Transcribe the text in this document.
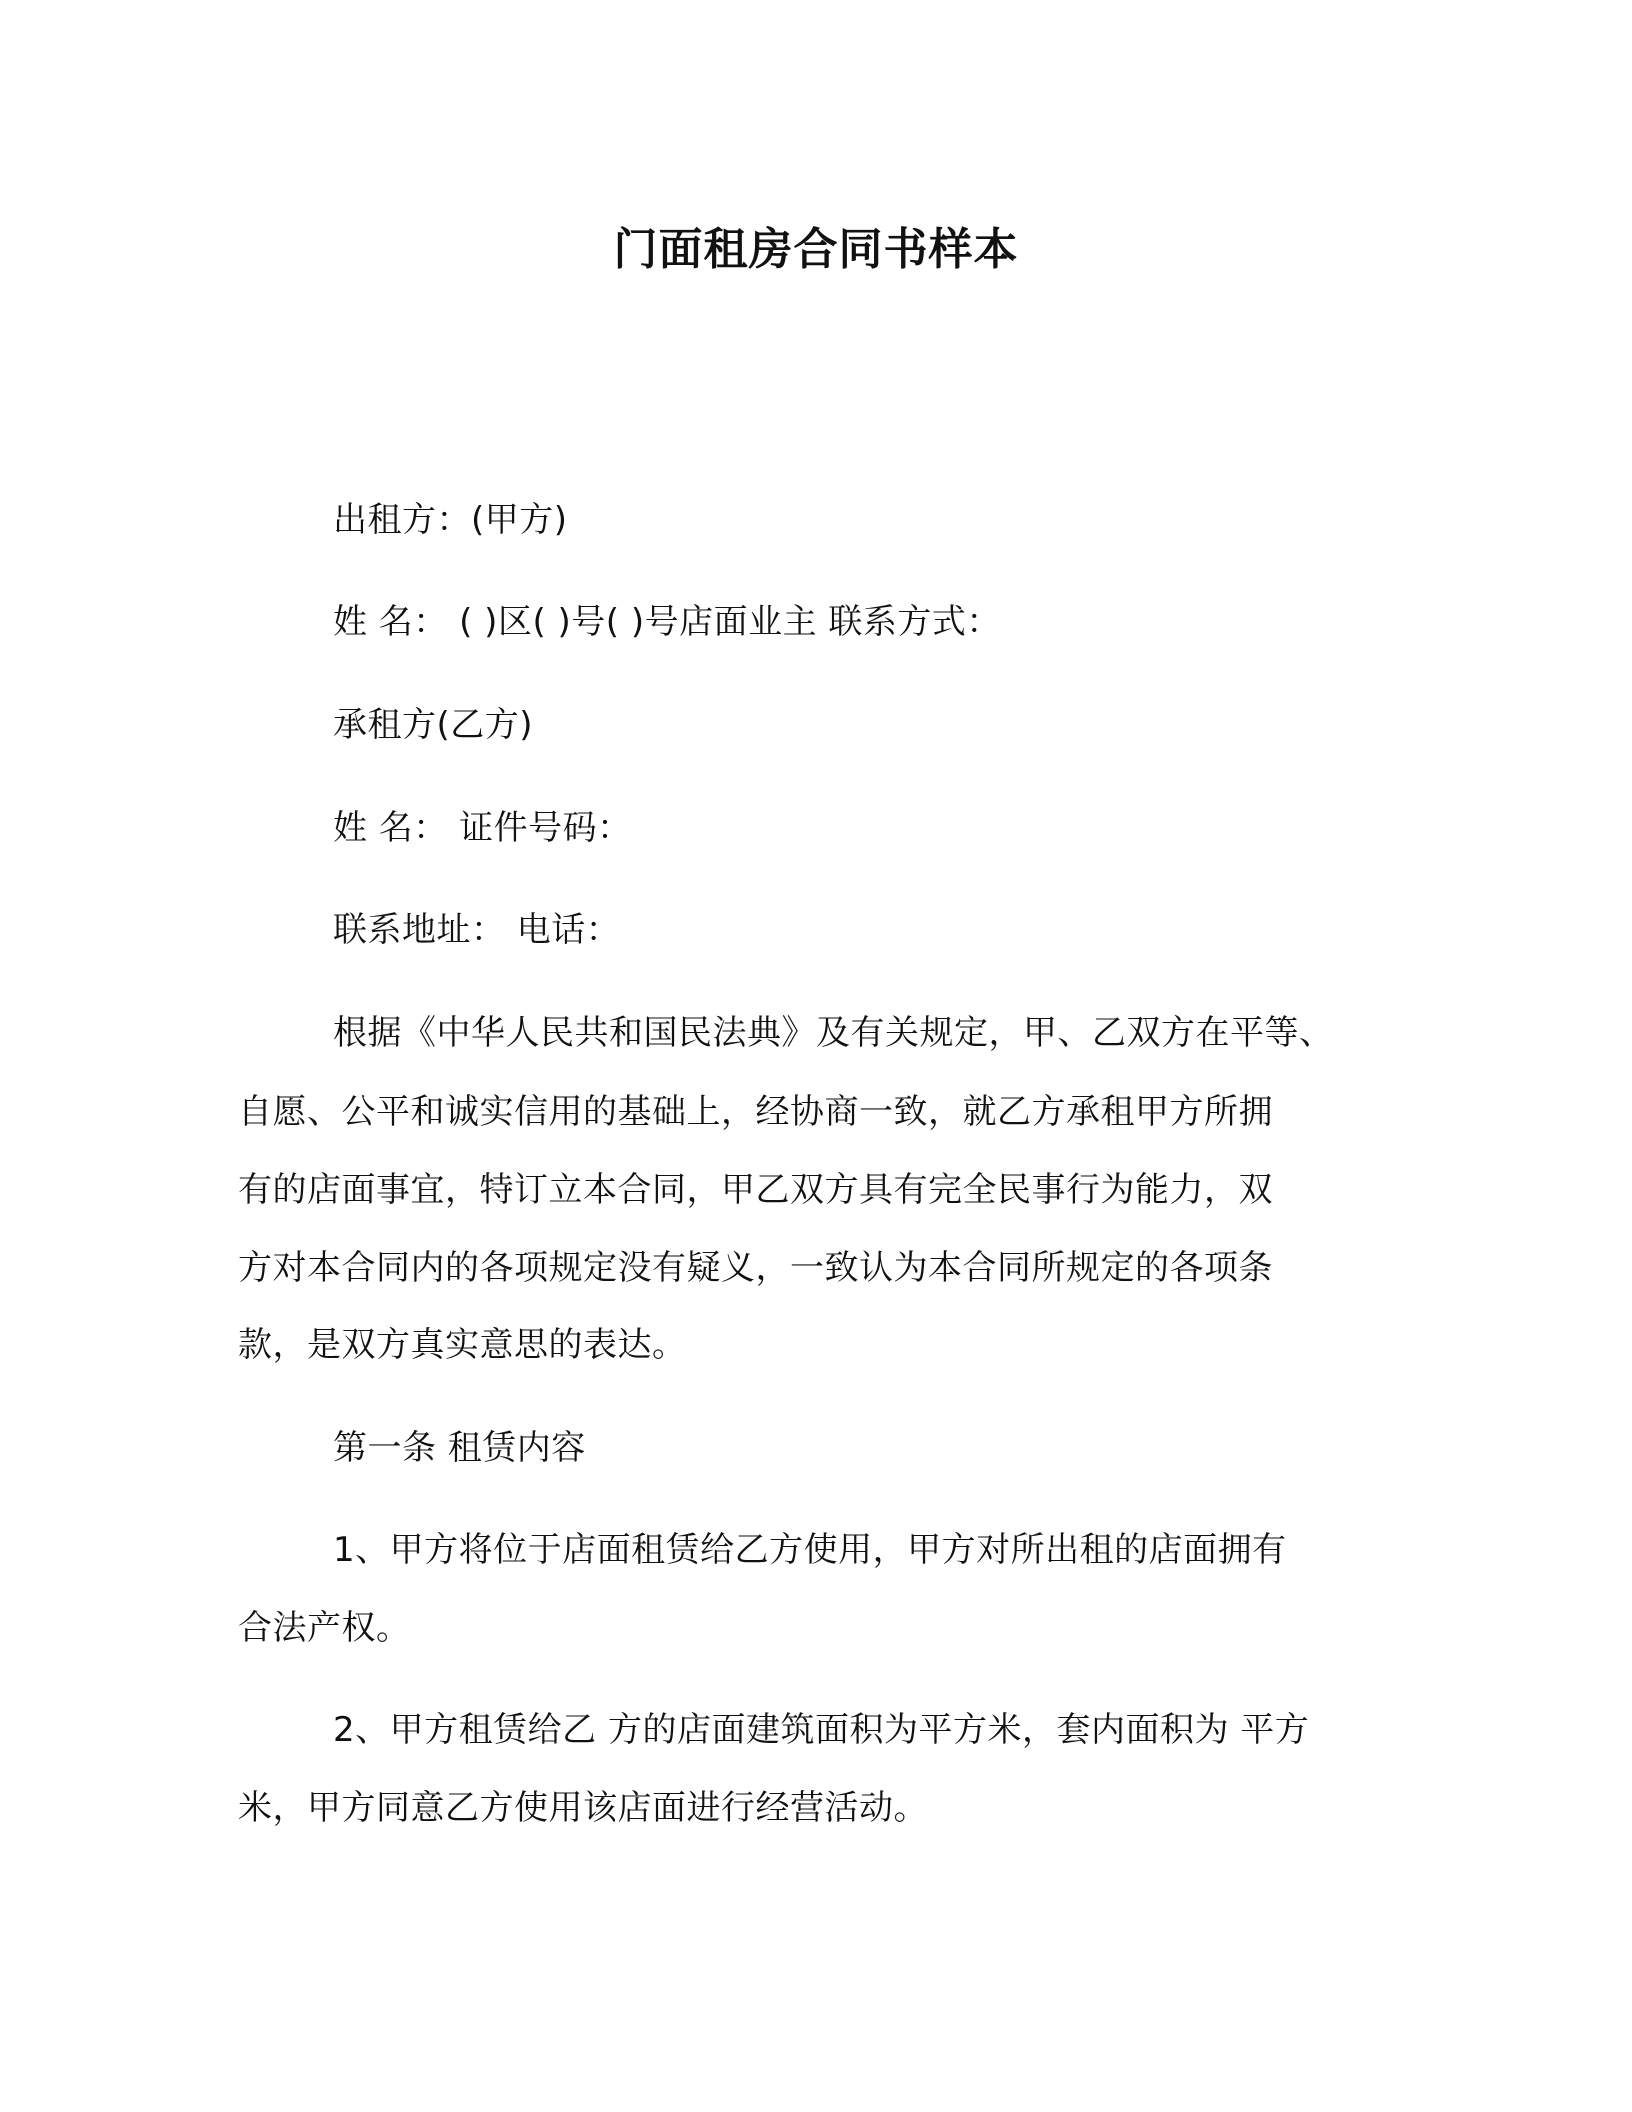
门面租房合同书样本
出租方：(甲方)
姓 名： ( )区( )号( )号店面业主 联系方式：
承租方(乙方)
姓 名： 证件号码：
联系地址： 电话：
根据《中华人民共和国民法典》及有关规定，甲、乙双方在平等、
自愿、公平和诚实信用的基础上，经协商一致，就乙方承租甲方所拥
有的店面事宜，特订立本合同，甲乙双方具有完全民事行为能力，双
方对本合同内的各项规定没有疑义，一致认为本合同所规定的各项条
款，是双方真实意思的表达。
第一条 租赁内容
1、甲方将位于店面租赁给乙方使用，甲方对所出租的店面拥有
合法产权。
2、甲方租赁给乙 方的店面建筑面积为平方米，套内面积为 平方
米，甲方同意乙方使用该店面进行经营活动。
